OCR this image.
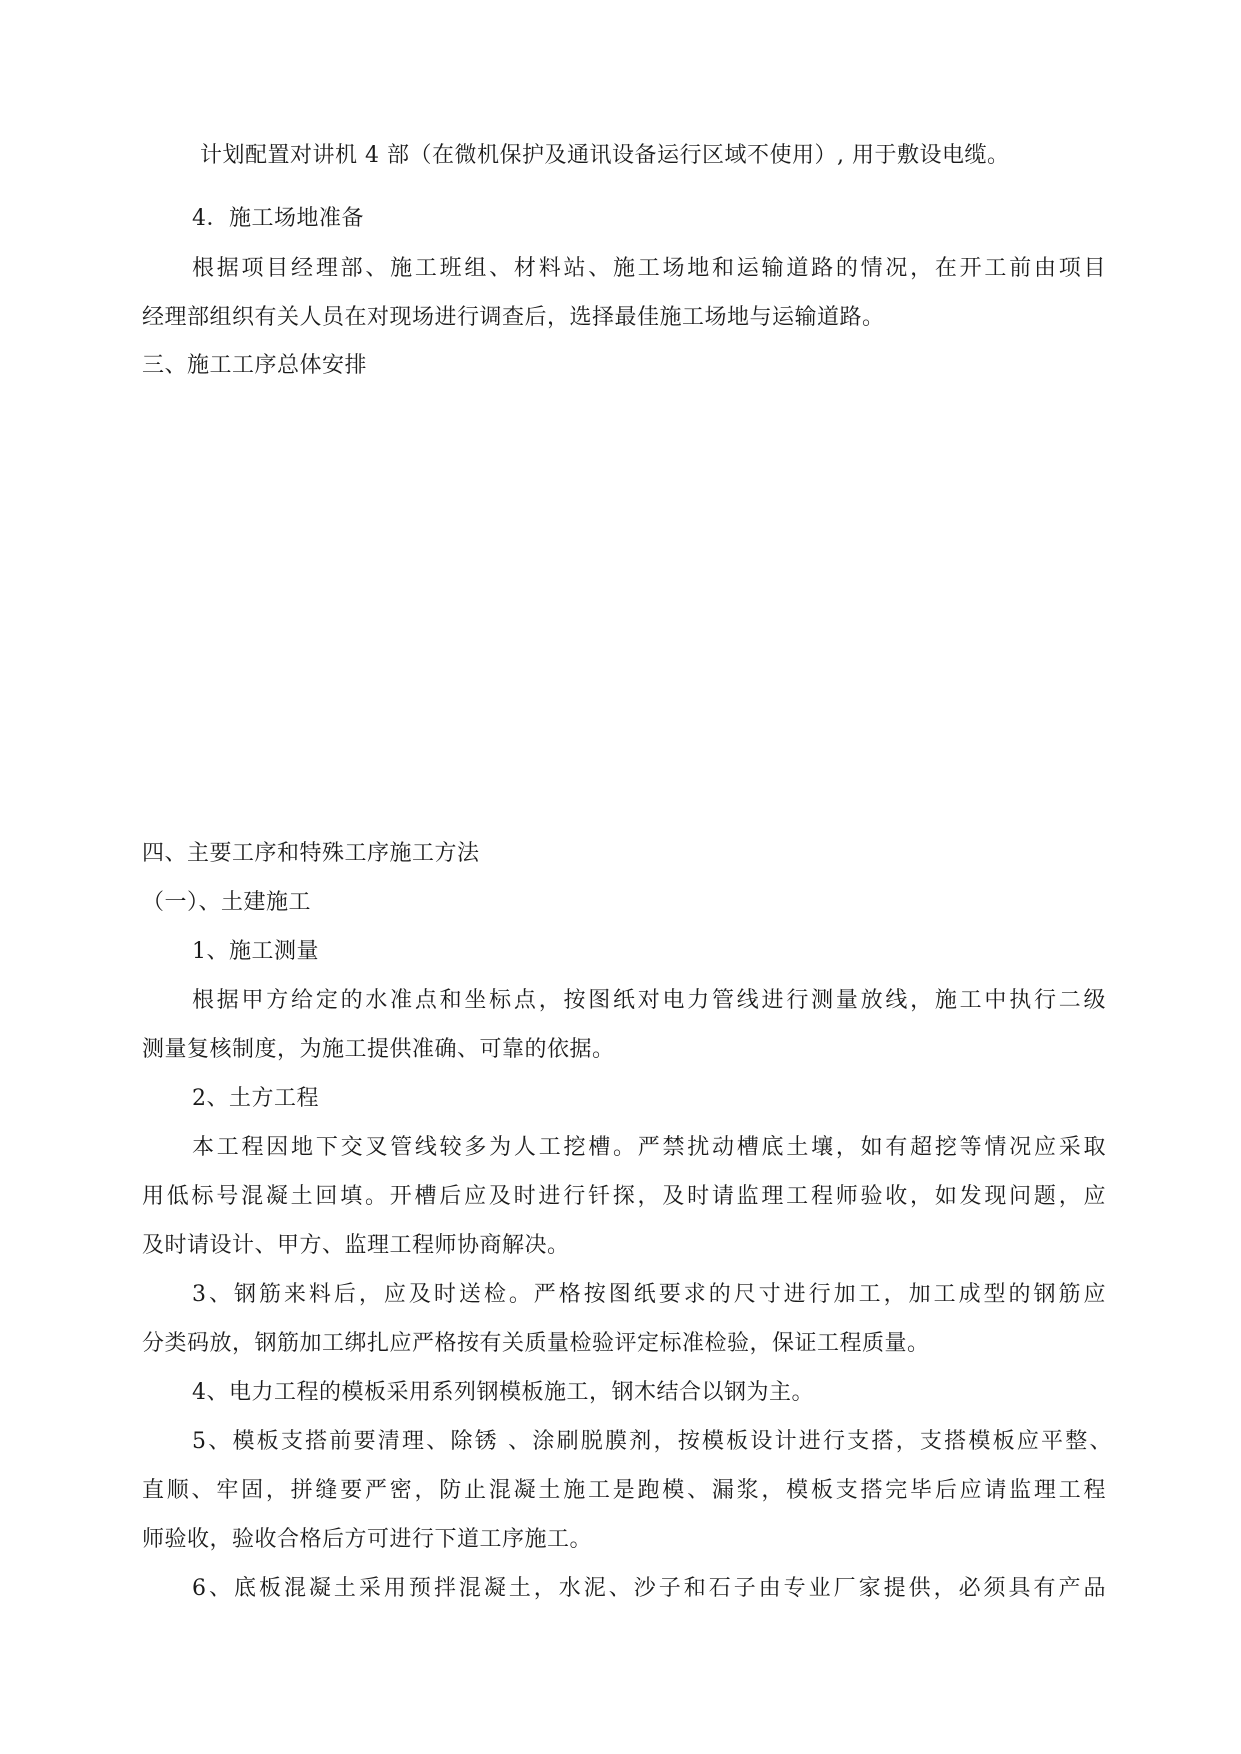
计划配置对讲机 4 部（在微机保护及通讯设备运行区域不使用）, 用于敷设电缆。
4．施工场地准备
根据项目经理部、施工班组、材料站、施工场地和运输道路的情况，在开工前由项目
经理部组织有关人员在对现场进行调查后，选择最佳施工场地与运输道路。
三、施工工序总体安排
四、主要工序和特殊工序施工方法
（一）、土建施工
1、施工测量
根据甲方给定的水准点和坐标点，按图纸对电力管线进行测量放线，施工中执行二级
测量复核制度，为施工提供准确、可靠的依据。
2、土方工程
本工程因地下交叉管线较多为人工挖槽。严禁扰动槽底土壤，如有超挖等情况应采取
用低标号混凝土回填。开槽后应及时进行钎探，及时请监理工程师验收，如发现问题，应
及时请设计、甲方、监理工程师协商解决。
3、钢筋来料后，应及时送检。严格按图纸要求的尺寸进行加工，加工成型的钢筋应
分类码放，钢筋加工绑扎应严格按有关质量检验评定标准检验，保证工程质量。
4、电力工程的模板采用系列钢模板施工，钢木结合以钢为主。
5、模板支搭前要清理、除锈 、涂刷脱膜剂，按模板设计进行支搭，支搭模板应平整、
直顺、牢固，拼缝要严密，防止混凝土施工是跑模、漏浆，模板支搭完毕后应请监理工程
师验收，验收合格后方可进行下道工序施工。
6、底板混凝土采用预拌混凝土，水泥、沙子和石子由专业厂家提供，必须具有产品
